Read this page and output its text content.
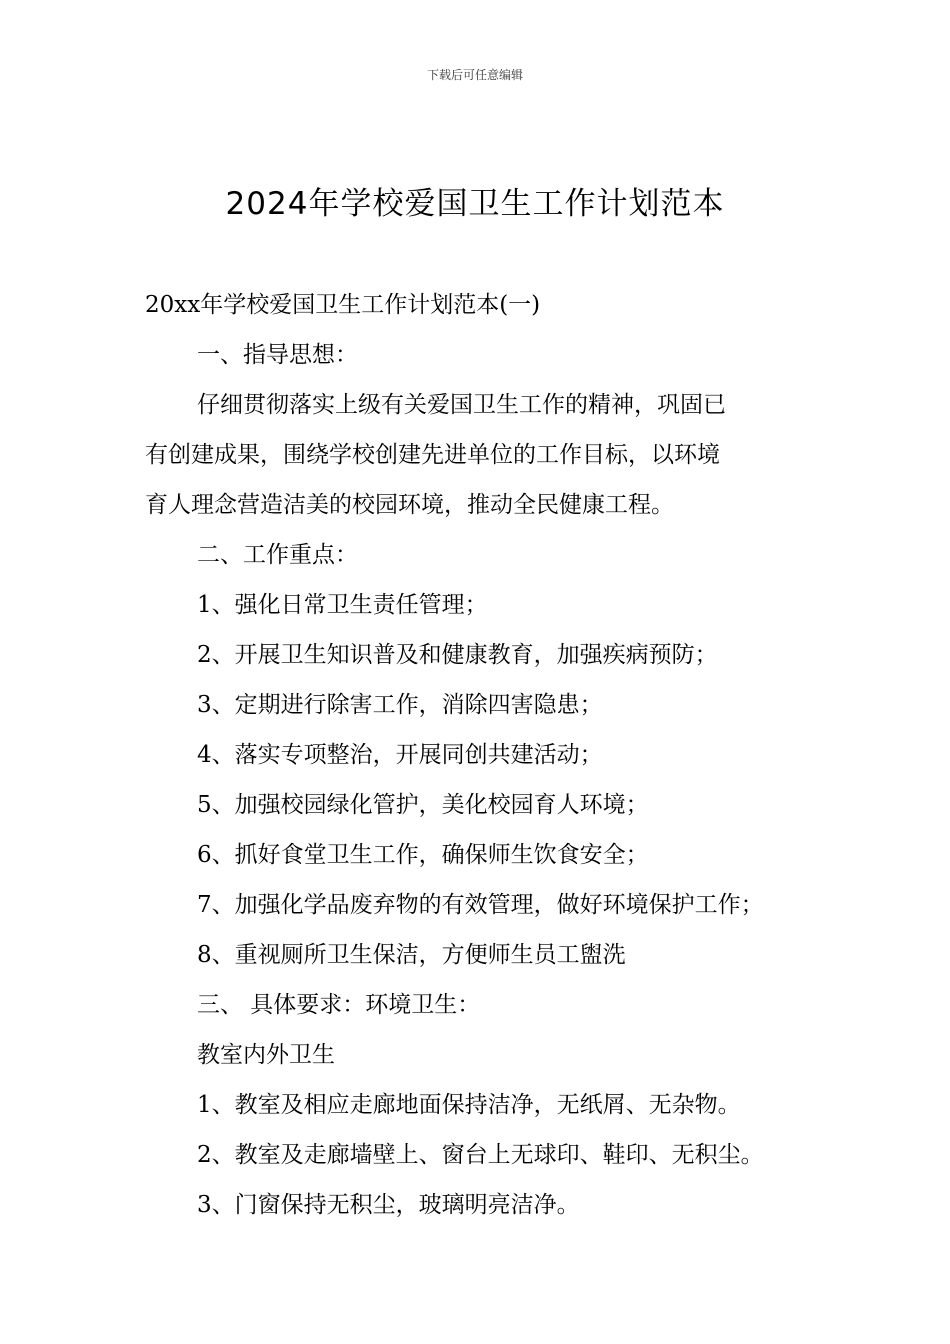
下载后可任意编辑
2024年学校爱国卫生工作计划范本

20xx年学校爱国卫生工作计划范本(一)

一、指导思想：

仔细贯彻落实上级有关爱国卫生工作的精神，巩固已

有创建成果，围绕学校创建先进单位的工作目标，以环境

育人理念营造洁美的校园环境，推动全民健康工程。

二、工作重点：

1、强化日常卫生责任管理；

2、开展卫生知识普及和健康教育，加强疾病预防；

3、定期进行除害工作，消除四害隐患；

4、落实专项整治，开展同创共建活动；

5、加强校园绿化管护，美化校园育人环境；

6、抓好食堂卫生工作，确保师生饮食安全；

7、加强化学品废弃物的有效管理，做好环境保护工作；

8、重视厕所卫生保洁，方便师生员工盥洗

三、 具体要求：环境卫生：

教室内外卫生

1、教室及相应走廊地面保持洁净，无纸屑、无杂物。

2、教室及走廊墙壁上、窗台上无球印、鞋印、无积尘。

3、门窗保持无积尘，玻璃明亮洁净。
